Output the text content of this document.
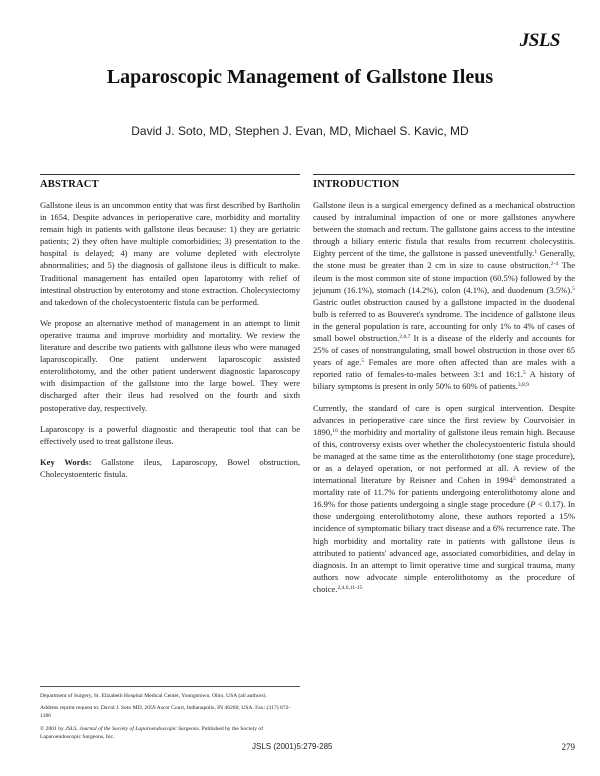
JSLS
Laparoscopic Management of Gallstone Ileus
David J. Soto, MD, Stephen J. Evan, MD, Michael S. Kavic, MD
ABSTRACT

Gallstone ileus is an uncommon entity that was first described by Bartholin in 1654. Despite advances in perioperative care, morbidity and mortality remain high in patients with gallstone ileus because: 1) they are geriatric patients; 2) they often have multiple comorbidities; 3) presentation to the hospital is delayed; 4) many are volume depleted with electrolyte abnormalities; and 5) the diagnosis of gallstone ileus is difficult to make. Traditional management has entailed open laparotomy with relief of intestinal obstruction by enterotomy and stone extraction. Cholecystectomy and takedown of the cholecystoenteric fistula can be performed.

We propose an alternative method of management in an attempt to limit operative trauma and improve morbidity and mortality. We review the literature and describe two patients with gallstone ileus who were managed laparoscopically. One patient underwent laparoscopic assisted enterolithotomy, and the other patient underwent diagnostic laparoscopy with disimpaction of the gallstone into the large bowel. They were discharged after their ileus had resolved on the fourth and sixth postoperative day, respectively.

Laparoscopy is a powerful diagnostic and therapeutic tool that can be effectively used to treat gallstone ileus.

Key Words: Gallstone ileus, Laparoscopy, Bowel obstruction, Cholecystoenteric fistula.

INTRODUCTION

Gallstone ileus is a surgical emergency defined as a mechanical obstruction caused by intraluminal impaction of one or more gallstones anywhere between the stomach and rectum. The gallstone gains access to the intestine through a biliary enteric fistula that results from recurrent cholecystitis. Eighty percent of the time, the gallstone is passed uneventfully.$^1$ Generally, the stone must be greater than 2 cm in size to cause obstruction.$^{2-4}$ The ileum is the most common site of stone impaction (60.5%) followed by the jejunum (16.1%), stomach (14.2%), colon (4.1%), and duodenum (3.5%).$^5$ Gastric outlet obstruction caused by a gallstone impacted in the duodenal bulb is referred to as Bouveret's syndrome. The incidence of gallstone ileus in the general population is rare, accounting for only 1% to 4% of cases of small bowel obstruction.$^{2,6,7}$ It is a disease of the elderly and accounts for 25% of cases of nonstrangulating, small bowel obstruction in those over 65 years of age.$^5$ Females are more often affected than are males with a reported ratio of females-to-males between 3:1 and 16:1.$^5$ A history of biliary symptoms is present in only 50% to 60% of patients.$^{3,8,9}$

Currently, the standard of care is open surgical intervention. Despite advances in perioperative care since the first review by Courvoisier in 1890,10 the morbidity and mortality of gallstone ileus remain high. Because of this, controversy exists over whether the cholecystoenteric fistula should be managed at the same time as the enterolithotomy (one stage procedure), or as a delayed operation, or not performed at all. A review of the international literature by Reisner and Cohen in 1994$^5$ demonstrated a mortality rate of 11.7% for patients undergoing enterolithotomy alone and 16.9% for those patients undergoing a single stage procedure (P < 0.17). In those undergoing enterolithotomy alone, these authors reported a 15% incidence of symptomatic biliary tract disease and a 6% recurrence rate. The high morbidity and mortality rate in patients with gallstone ileus is attributed to patients' advanced age, associated comorbidities, and delay in diagnosis. In an attempt to limit operative time and surgical trauma, many authors now advocate simple enterolithotomy as the procedure of choice.$^{2,4,6,11-15}$

Department of Surgery, St. Elizabeth Hospital Medical Center, Youngstown, Ohio, USA (all authors).

Address reprint request to: David J. Soto MD, 2059 Ascot Court, Indianapolis, IN 46260, USA. Fax: (317) 872-1186

© 2001 by JSLS, Journal of the Society of Laparoendoscopic Surgeons. Published by the Society of Laparoendoscopic Surgeons, Inc.

JSLS (2001)5:279-285	279
